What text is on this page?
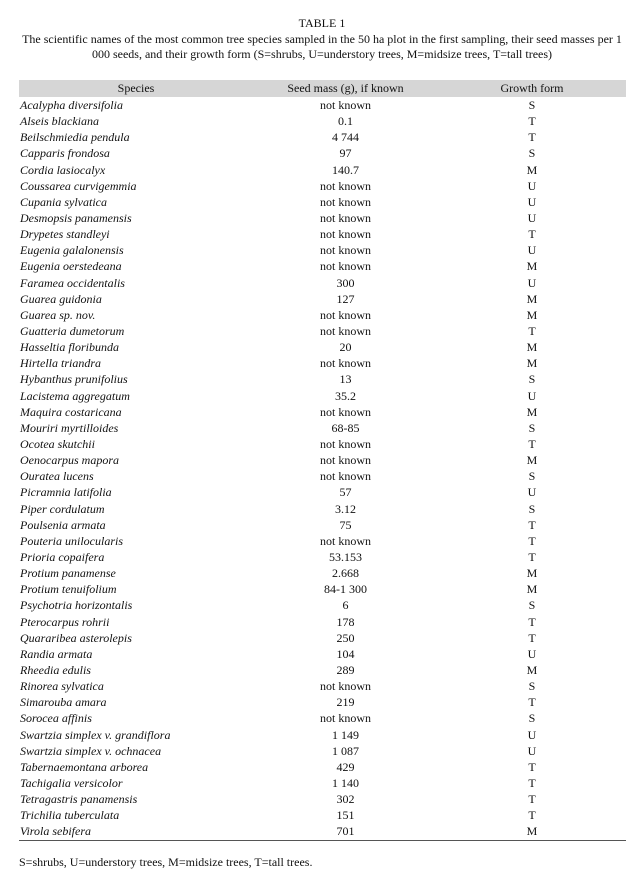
TABLE 1
The scientific names of the most common tree species sampled in the 50 ha plot in the first sampling, their seed masses per 1 000 seeds, and their growth form (S=shrubs, U=understory trees, M=midsize trees, T=tall trees)
Species	Seed mass (g), if known	Growth form
Acalypha diversifolia	not known	S
Alseis blackiana	0.1	T
Beilschmiedia pendula	4 744	T
Capparis frondosa	97	S
Cordia lasiocalyx	140.7	M
Coussarea curvigemmia	not known	U
Cupania sylvatica	not known	U
Desmopsis panamensis	not known	U
Drypetes standleyi	not known	T
Eugenia galalonensis	not known	U
Eugenia oerstedeana	not known	M
Faramea occidentalis	300	U
Guarea guidonia	127	M
Guarea sp. nov.	not known	M
Guatteria dumetorum	not known	T
Hasseltia floribunda	20	M
Hirtella triandra	not known	M
Hybanthus prunifolius	13	S
Lacistema aggregatum	35.2	U
Maquira costaricana	not known	M
Mouriri myrtilloides	68-85	S
Ocotea skutchii	not known	T
Oenocarpus mapora	not known	M
Ouratea lucens	not known	S
Picramnia latifolia	57	U
Piper cordulatum	3.12	S
Poulsenia armata	75	T
Pouteria unilocularis	not known	T
Prioria copaifera	53.153	T
Protium panamense	2.668	M
Protium tenuifolium	84-1 300	M
Psychotria horizontalis	6	S
Pterocarpus rohrii	178	T
Quararibea asterolepis	250	T
Randia armata	104	U
Rheedia edulis	289	M
Rinorea sylvatica	not known	S
Simarouba amara	219	T
Sorocea affinis	not known	S
Swartzia simplex v. grandiflora	1 149	U
Swartzia simplex v. ochnacea	1 087	U
Tabernaemontana arborea	429	T
Tachigalia versicolor	1 140	T
Tetragastris panamensis	302	T
Trichilia tuberculata	151	T
Virola sebifera	701	M
S=shrubs, U=understory trees, M=midsize trees, T=tall trees.
